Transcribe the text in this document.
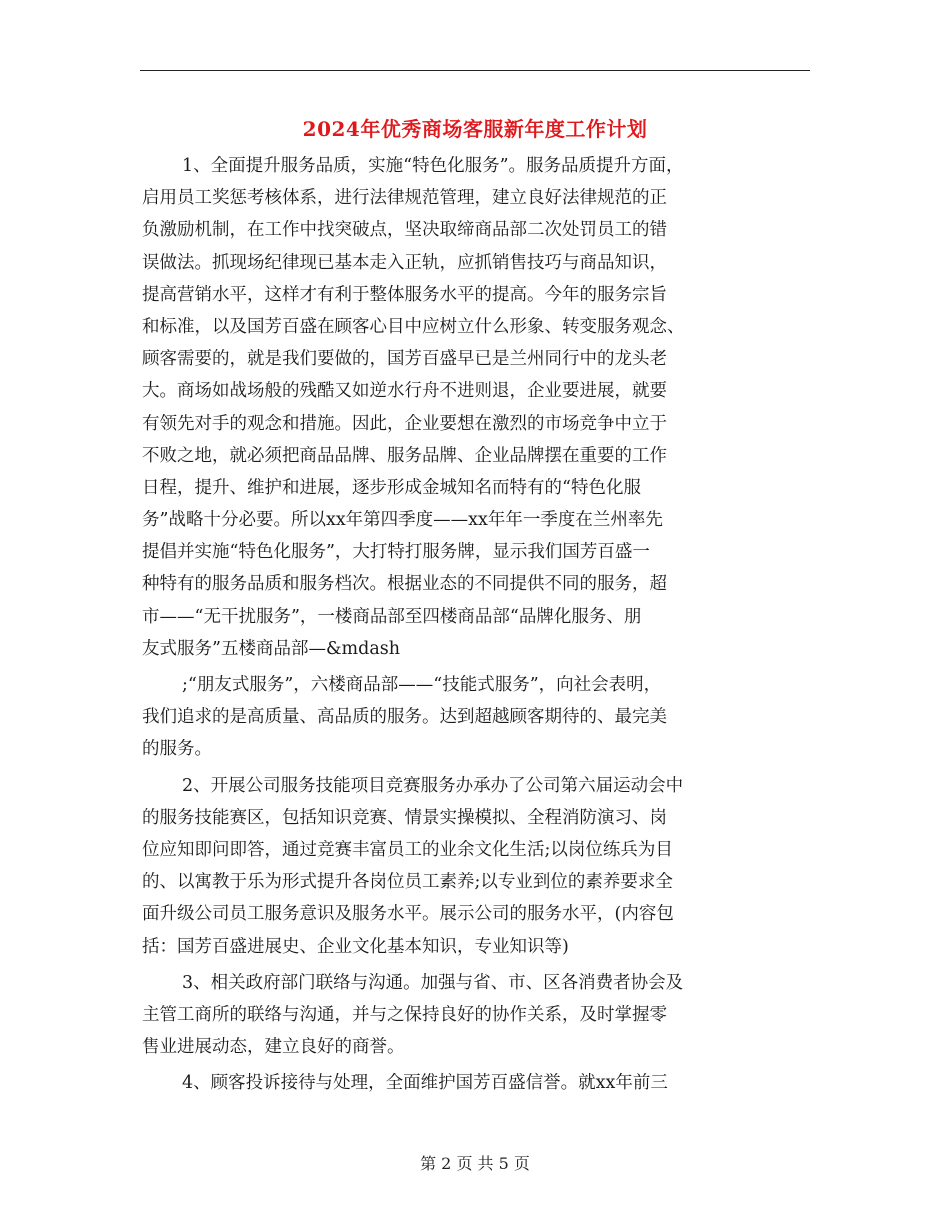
2024年优秀商场客服新年度工作计划
1、全面提升服务品质，实施“特色化服务”。服务品质提升方面，
启用员工奖惩考核体系，进行法律规范管理，建立良好法律规范的正
负激励机制，在工作中找突破点，坚决取缔商品部二次处罚员工的错
误做法。抓现场纪律现已基本走入正轨，应抓销售技巧与商品知识，
提高营销水平，这样才有利于整体服务水平的提高。今年的服务宗旨
和标准，以及国芳百盛在顾客心目中应树立什么形象、转变服务观念、
顾客需要的，就是我们要做的，国芳百盛早已是兰州同行中的龙头老
大。商场如战场般的残酷又如逆水行舟不进则退，企业要进展，就要
有领先对手的观念和措施。因此，企业要想在激烈的市场竞争中立于
不败之地，就必须把商品品牌、服务品牌、企业品牌摆在重要的工作
日程，提升、维护和进展，逐步形成金城知名而特有的“特色化服
务”战略十分必要。所以xx年第四季度——xx年年一季度在兰州率先
提倡并实施“特色化服务”，大打特打服务牌，显示我们国芳百盛一
种特有的服务品质和服务档次。根据业态的不同提供不同的服务，超
市——“无干扰服务”，一楼商品部至四楼商品部“品牌化服务、朋
友式服务”五楼商品部—&mdash
;“朋友式服务”，六楼商品部——“技能式服务”，向社会表明，
我们追求的是高质量、高品质的服务。达到超越顾客期待的、最完美
的服务。
2、开展公司服务技能项目竞赛服务办承办了公司第六届运动会中
的服务技能赛区，包括知识竞赛、情景实操模拟、全程消防演习、岗
位应知即问即答，通过竞赛丰富员工的业余文化生活;以岗位练兵为目
的、以寓教于乐为形式提升各岗位员工素养;以专业到位的素养要求全
面升级公司员工服务意识及服务水平。展示公司的服务水平，(内容包
括：国芳百盛进展史、企业文化基本知识，专业知识等)
3、相关政府部门联络与沟通。加强与省、市、区各消费者协会及
主管工商所的联络与沟通，并与之保持良好的协作关系，及时掌握零
售业进展动态，建立良好的商誉。
4、顾客投诉接待与处理，全面维护国芳百盛信誉。就xx年前三
第 2 页 共 5 页
